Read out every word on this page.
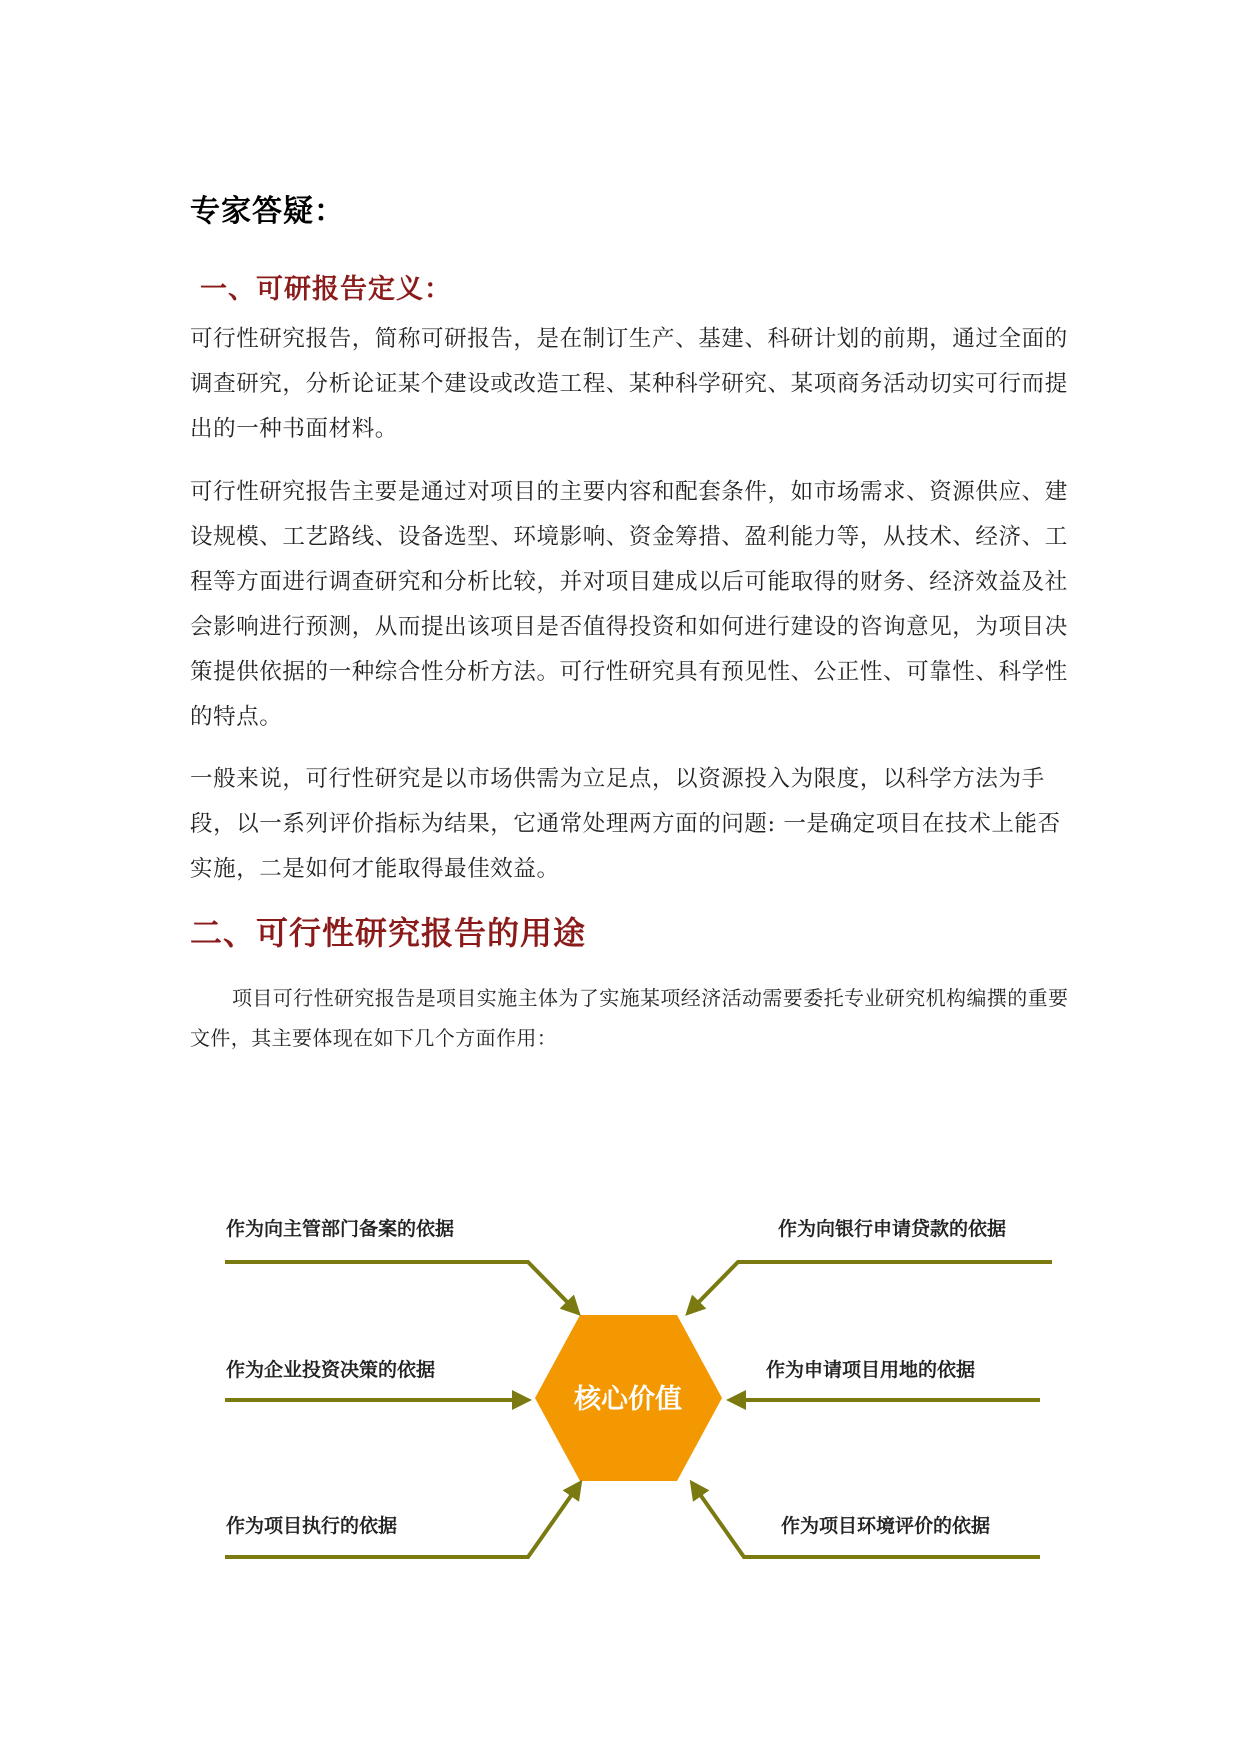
专家答疑：
一、可研报告定义：
可行性研究报告，简称可研报告，是在制订生产、基建、科研计划的前期，通过全面的调查研究，分析论证某个建设或改造工程、某种科学研究、某项商务活动切实可行而提出的一种书面材料。
可行性研究报告主要是通过对项目的主要内容和配套条件，如市场需求、资源供应、建设规模、工艺路线、设备选型、环境影响、资金筹措、盈利能力等，从技术、经济、工程等方面进行调查研究和分析比较，并对项目建成以后可能取得的财务、经济效益及社会影响进行预测，从而提出该项目是否值得投资和如何进行建设的咨询意见，为项目决策提供依据的一种综合性分析方法。可行性研究具有预见性、公正性、可靠性、科学性的特点。
一般来说，可行性研究是以市场供需为立足点，以资源投入为限度，以科学方法为手段，以一系列评价指标为结果，它通常处理两方面的问题: 一是确定项目在技术上能否实施，二是如何才能取得最佳效益。
二、可行性研究报告的用途
项目可行性研究报告是项目实施主体为了实施某项经济活动需要委托专业研究机构编撰的重要文件，其主要体现在如下几个方面作用：
核心价值
作为向主管部门备案的依据
作为企业投资决策的依据
作为项目执行的依据
作为向银行申请贷款的依据
作为申请项目用地的依据
作为项目环境评价的依据
